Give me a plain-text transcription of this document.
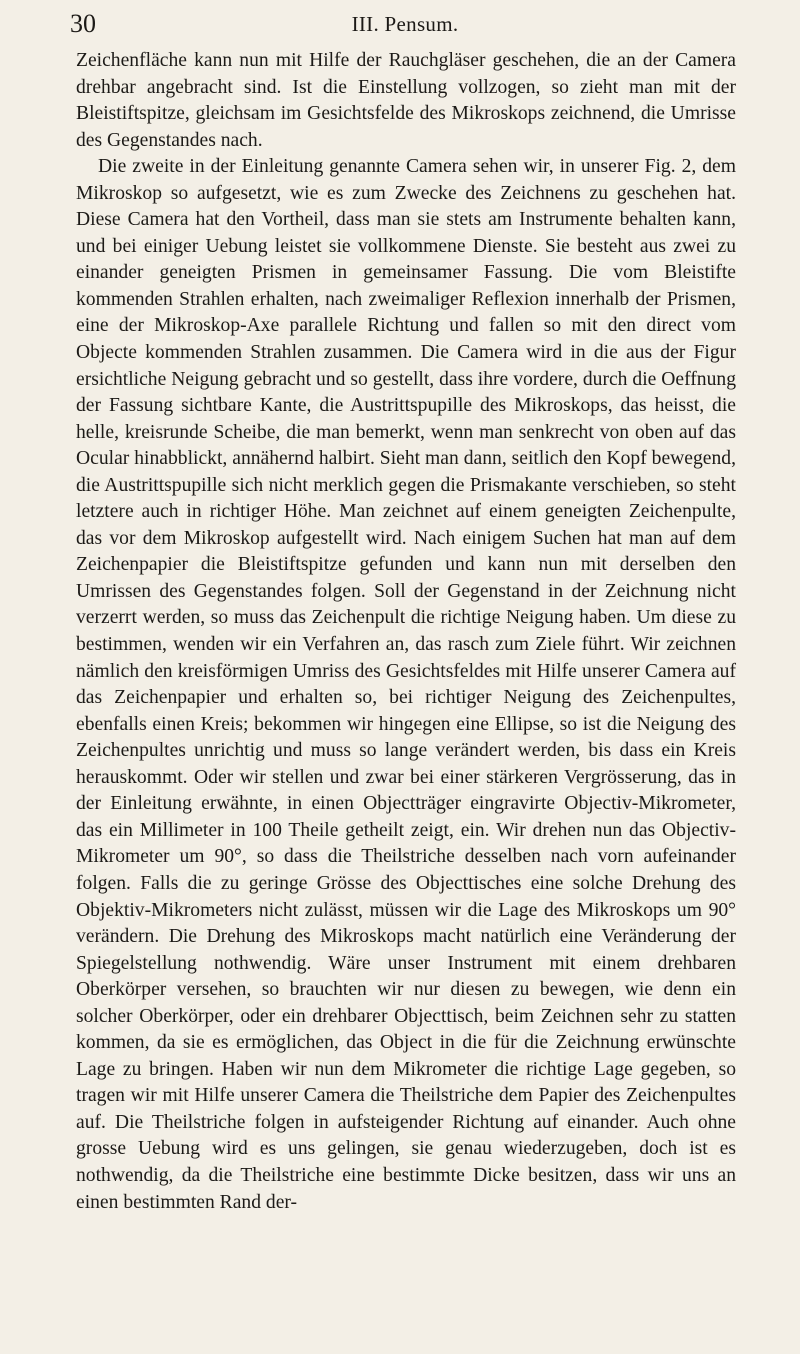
30	III. Pensum.

Zeichenfläche kann nun mit Hilfe der Rauchgläser geschehen, die an der Camera drehbar angebracht sind. Ist die Einstellung vollzogen, so zieht man mit der Bleistiftspitze, gleichsam im Gesichtsfelde des Mikroskops zeichnend, die Umrisse des Gegenstandes nach.

Die zweite in der Einleitung genannte Camera sehen wir, in unserer Fig. 2, dem Mikroskop so aufgesetzt, wie es zum Zwecke des Zeichnens zu geschehen hat. Diese Camera hat den Vortheil, dass man sie stets am Instrumente behalten kann, und bei einiger Uebung leistet sie vollkommene Dienste. Sie besteht aus zwei zu einander geneigten Prismen in gemeinsamer Fassung. Die vom Bleistifte kommenden Strahlen erhalten, nach zweimaliger Reflexion innerhalb der Prismen, eine der Mikroskop-Axe parallele Richtung und fallen so mit den direct vom Objecte kommenden Strahlen zusammen. Die Camera wird in die aus der Figur ersichtliche Neigung gebracht und so gestellt, dass ihre vordere, durch die Oeffnung der Fassung sichtbare Kante, die Austrittspupille des Mikroskops, das heisst, die helle, kreisrunde Scheibe, die man bemerkt, wenn man senkrecht von oben auf das Ocular hinabblickt, annähernd halbirt. Sieht man dann, seitlich den Kopf bewegend, die Austrittspupille sich nicht merklich gegen die Prismakante verschieben, so steht letztere auch in richtiger Höhe. Man zeichnet auf einem geneigten Zeichenpulte, das vor dem Mikroskop aufgestellt wird. Nach einigem Suchen hat man auf dem Zeichenpapier die Bleistiftspitze gefunden und kann nun mit derselben den Umrissen des Gegenstandes folgen. Soll der Gegenstand in der Zeichnung nicht verzerrt werden, so muss das Zeichenpult die richtige Neigung haben. Um diese zu bestimmen, wenden wir ein Verfahren an, das rasch zum Ziele führt. Wir zeichnen nämlich den kreisförmigen Umriss des Gesichtsfeldes mit Hilfe unserer Camera auf das Zeichenpapier und erhalten so, bei richtiger Neigung des Zeichenpultes, ebenfalls einen Kreis; bekommen wir hingegen eine Ellipse, so ist die Neigung des Zeichenpultes unrichtig und muss so lange verändert werden, bis dass ein Kreis herauskommt. Oder wir stellen und zwar bei einer stärkeren Vergrösserung, das in der Einleitung erwähnte, in einen Objectträger eingravirte Objectiv-Mikrometer, das ein Millimeter in 100 Theile getheilt zeigt, ein. Wir drehen nun das Objectiv-Mikrometer um 90°, so dass die Theilstriche desselben nach vorn aufeinander folgen. Falls die zu geringe Grösse des Objecttisches eine solche Drehung des Objektiv-Mikrometers nicht zulässt, müssen wir die Lage des Mikroskops um 90° verändern. Die Drehung des Mikroskops macht natürlich eine Veränderung der Spiegelstellung nothwendig. Wäre unser Instrument mit einem drehbaren Oberkörper versehen, so brauchten wir nur diesen zu bewegen, wie denn ein solcher Oberkörper, oder ein drehbarer Objecttisch, beim Zeichnen sehr zu statten kommen, da sie es ermöglichen, das Object in die für die Zeichnung erwünschte Lage zu bringen. Haben wir nun dem Mikrometer die richtige Lage gegeben, so tragen wir mit Hilfe unserer Camera die Theilstriche dem Papier des Zeichenpultes auf. Die Theilstriche folgen in aufsteigender Richtung auf einander. Auch ohne grosse Uebung wird es uns gelingen, sie genau wiederzugeben, doch ist es nothwendig, da die Theilstriche eine bestimmte Dicke besitzen, dass wir uns an einen bestimmten Rand der-
